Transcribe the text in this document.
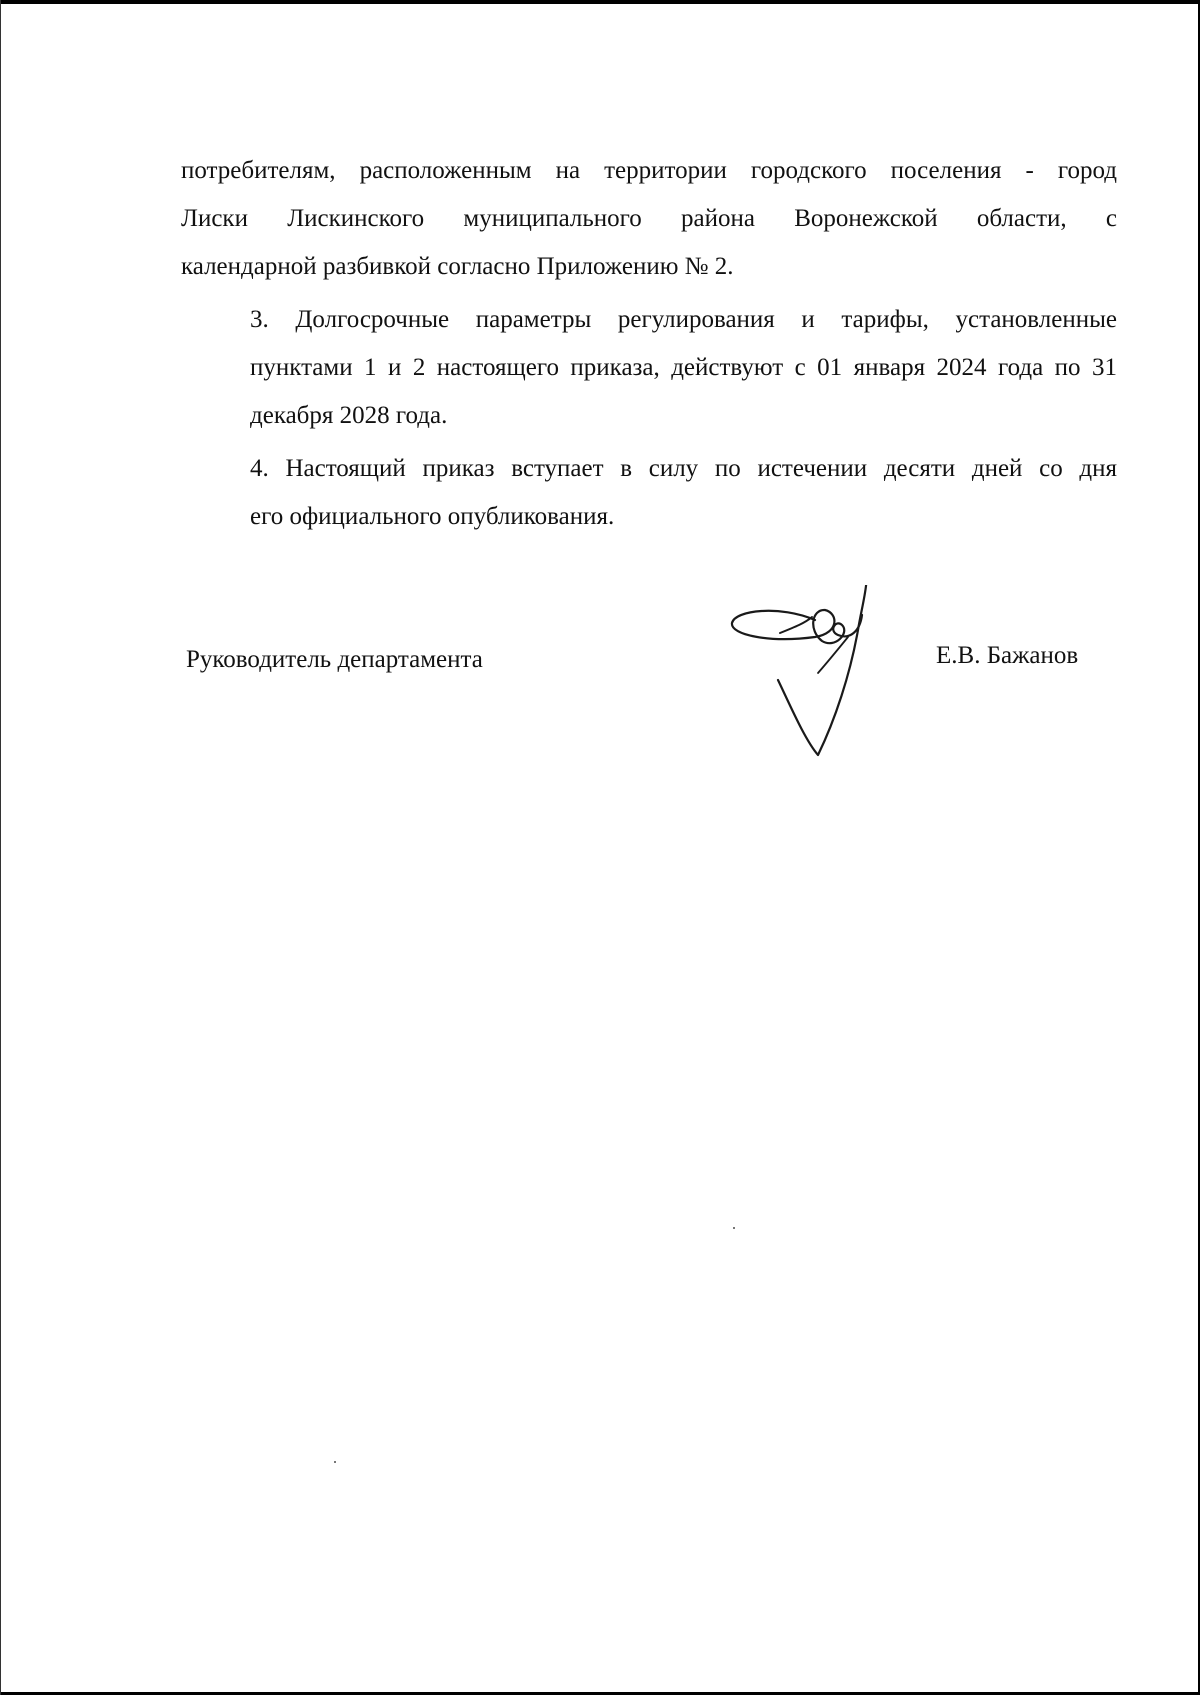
потребителям, расположенным на территории городского поселения - город
Лиски Лискинского муниципального района Воронежской области, с
календарной разбивкой согласно Приложению № 2.

3. Долгосрочные параметры регулирования и тарифы, установленные
пунктами 1 и 2 настоящего приказа, действуют с 01 января 2024 года по 31
декабря 2028 года.

4. Настоящий приказ вступает в силу по истечении десяти дней со дня
его официального опубликования.

Руководитель департамента	Е.В. Бажанов
